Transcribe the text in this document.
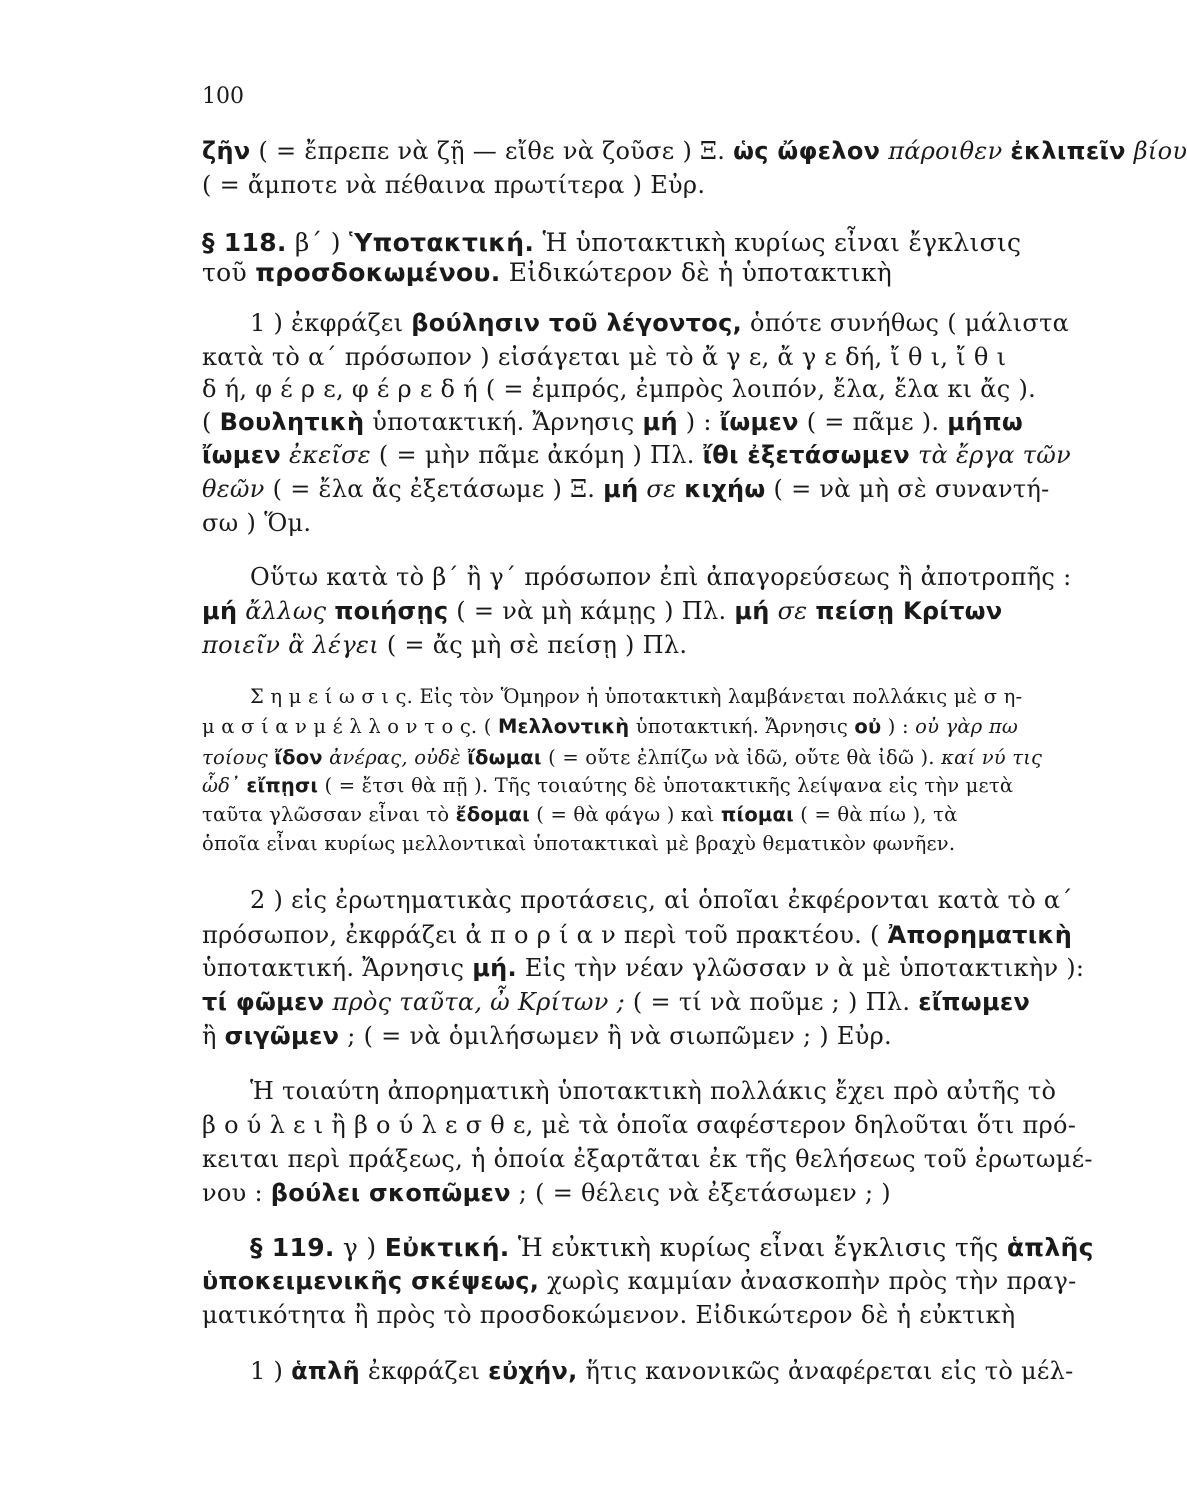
100
ζῆν ( = ἔπρεπε νὰ ζῇ — εἴθε νὰ ζοῦσε ) Ξ. ὡς ὤφελον πάροιθεν ἐκλιπεῖν βίου
( = ἄμποτε νὰ πέθαινα πρωτίτερα ) Εὐρ.
§ 118. β΄ ) Ὑποτακτική. Ἡ ὑποτακτικὴ κυρίως εἶναι ἔγκλισις
τοῦ προσδοκωμένου. Εἰδικώτερον δὲ ἡ ὑποτακτικὴ
1 ) ἐκφράζει βούλησιν τοῦ λέγοντος, ὁπότε συνήθως ( μάλιστα
κατὰ τὸ α΄ πρόσωπον ) εἰσάγεται μὲ τὸ ἄ γ ε, ἄ γ ε δή, ἴ θ ι, ἴ θ ι
δ ή, φ έ ρ ε, φ έ ρ ε δ ή ( = ἐμπρός, ἐμπρὸς λοιπόν, ἔλα, ἔλα κι ἄς ).
( Βουλητικὴ ὑποτακτική. Ἄρνησις μή ) : ἴωμεν ( = πᾶμε ). μήπω
ἴωμεν ἐκεῖσε ( = μὴν πᾶμε ἀκόμη ) Πλ. ἴθι ἐξετάσωμεν τὰ ἔργα τῶν
θεῶν ( = ἔλα ἄς ἐξετάσωμε ) Ξ. μή σε κιχήω ( = νὰ μὴ σὲ συναντή-
σω ) Ὅμ.
Οὕτω κατὰ τὸ β΄ ἢ γ΄ πρόσωπον ἐπὶ ἀπαγορεύσεως ἢ ἀποτροπῆς :
μή ἄλλως ποιήσῃς ( = νὰ μὴ κάμῃς ) Πλ. μή σε πείσῃ Κρίτων
ποιεῖν ἃ λέγει ( = ἄς μὴ σὲ πείσῃ ) Πλ.
Σ η μ ε ί ω σ ι ς. Εἰς τὸν Ὅμηρον ἡ ὑποτακτικὴ λαμβάνεται πολλάκις μὲ σ η-
μ α σ ί α ν μ έ λ λ ο ν τ ο ς. ( Μελλοντικὴ ὑποτακτική. Ἄρνησις οὐ ) : οὐ γὰρ πω
τοίους ἴδον ἀνέρας, οὐδὲ ἴδωμαι ( = οὔτε ἐλπίζω νὰ ἰδῶ, οὔτε θὰ ἰδῶ ). καί νύ τις
ὧδ᾽ εἴπῃσι ( = ἔτσι θὰ πῇ ). Τῆς τοιαύτης δὲ ὑποτακτικῆς λείψανα εἰς τὴν μετὰ
ταῦτα γλῶσσαν εἶναι τὸ ἔδομαι ( = θὰ φάγω ) καὶ πίομαι ( = θὰ πίω ), τὰ
ὁποῖα εἶναι κυρίως μελλοντικαὶ ὑποτακτικαὶ μὲ βραχὺ θεματικὸν φωνῆεν.
2 ) εἰς ἐρωτηματικὰς προτάσεις, αἱ ὁποῖαι ἐκφέρονται κατὰ τὸ α΄
πρόσωπον, ἐκφράζει ἀ π ο ρ ί α ν περὶ τοῦ πρακτέου. ( Ἀπορηματικὴ
ὑποτακτική. Ἄρνησις μή. Εἰς τὴν νέαν γλῶσσαν ν ὰ μὲ ὑποτακτικὴν ):
τί φῶμεν πρὸς ταῦτα, ὦ Κρίτων ; ( = τί νὰ ποῦμε ; ) Πλ. εἴπωμεν
ἢ σιγῶμεν ; ( = νὰ ὁμιλήσωμεν ἢ νὰ σιωπῶμεν ; ) Εὐρ.
Ἡ τοιαύτη ἀπορηματικὴ ὑποτακτικὴ πολλάκις ἔχει πρὸ αὐτῆς τὸ
β ο ύ λ ε ι ἢ β ο ύ λ ε σ θ ε, μὲ τὰ ὁποῖα σαφέστερον δηλοῦται ὅτι πρό-
κειται περὶ πράξεως, ἡ ὁποία ἐξαρτᾶται ἐκ τῆς θελήσεως τοῦ ἐρωτωμέ-
νου : βούλει σκοπῶμεν ; ( = θέλεις νὰ ἐξετάσωμεν ; )
§ 119. γ ) Εὐκτική. Ἡ εὐκτικὴ κυρίως εἶναι ἔγκλισις τῆς ἁπλῆς
ὑποκειμενικῆς σκέψεως, χωρὶς καμμίαν ἀνασκοπὴν πρὸς τὴν πραγ-
ματικότητα ἢ πρὸς τὸ προσδοκώμενον. Εἰδικώτερον δὲ ἡ εὐκτικὴ
1 ) ἁπλῆ ἐκφράζει εὐχήν, ἥτις κανονικῶς ἀναφέρεται εἰς τὸ μέλ-
